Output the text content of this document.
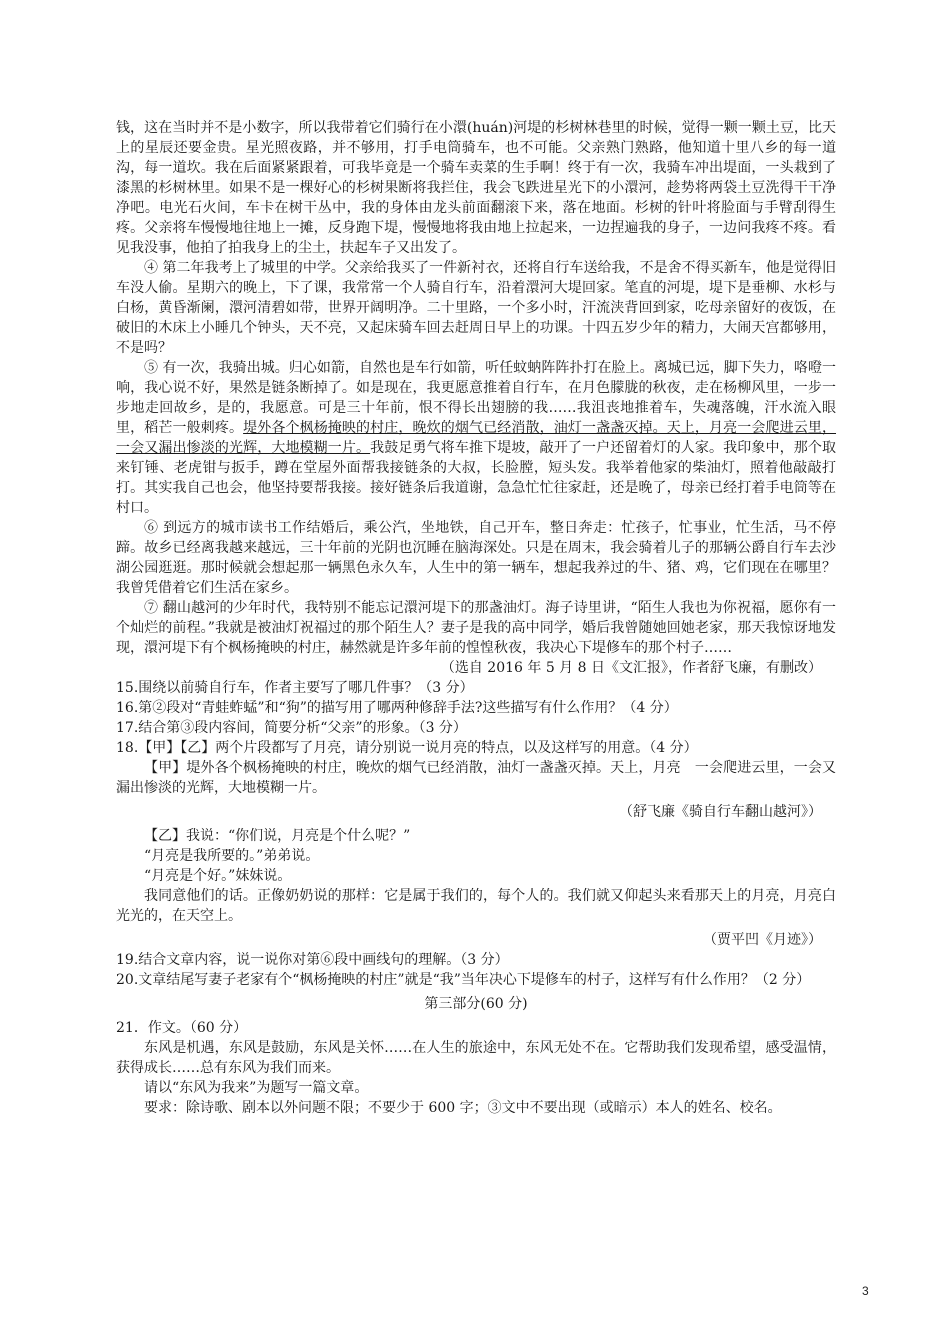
钱，这在当时并不是小数字，所以我带着它们骑行在小澴(huán)河堤的杉树林巷里的时候，觉得一颗一颗土豆，比天上的星辰还要金贵。星光照夜路，并不够用，打手电筒骑车，也不可能。父亲熟门熟路，他知道十里八乡的每一道沟，每一道坎。我在后面紧紧跟着，可我毕竟是一个骑车卖菜的生手啊！终于有一次，我骑车冲出堤面，一头栽到了漆黑的杉树林里。如果不是一棵好心的杉树果断将我拦住，我会飞跌进星光下的小澴河，趁势将两袋土豆洗得干干净净吧。电光石火间，车卡在树干丛中，我的身体由龙头前面翻滚下来，落在地面。杉树的针叶将脸面与手臂刮得生疼。父亲将车慢慢地往地上一摊，反身跑下堤，慢慢地将我由地上拉起来，一边捏遍我的身子，一边问我疼不疼。看见我没事，他拍了拍我身上的尘土，扶起车子又出发了。

④ 第二年我考上了城里的中学。父亲给我买了一件新衬衣，还将自行车送给我，不是舍不得买新车，他是觉得旧车没人偷。星期六的晚上，下了课，我常常一个人骑自行车，沿着澴河大堤回家。笔直的河堤，堤下是垂柳、水杉与白杨，黄昏渐阑，澴河清碧如带，世界开阔明净。二十里路，一个多小时，汗流浃背回到家，吃母亲留好的夜饭，在破旧的木床上小睡几个钟头，天不亮，又起床骑车回去赶周日早上的功课。十四五岁少年的精力，大闹天宫都够用，不是吗？

⑤ 有一次，我骑出城。归心如箭，自然也是车行如箭，听任蚊蚋阵阵扑打在脸上。离城已远，脚下失力，咯噔一响，我心说不好，果然是链条断掉了。如是现在，我更愿意推着自行车，在月色朦胧的秋夜，走在杨柳风里，一步一步地走回故乡，是的，我愿意。可是三十年前，恨不得长出翅膀的我……我沮丧地推着车，失魂落魄，汗水流入眼里，稻芒一般刺疼。堤外各个枫杨掩映的村庄，晚炊的烟气已经消散，油灯一盏盏灭掉。天上，月亮一会爬进云里，一会又漏出惨淡的光辉，大地模糊一片。我鼓足勇气将车推下堤坡，敲开了一户还留着灯的人家。我印象中，那个取来钉锤、老虎钳与扳手，蹲在堂屋外面帮我接链条的大叔，长脸膛，短头发。我举着他家的柴油灯，照着他敲敲打打。其实我自己也会，他坚持要帮我接。接好链条后我道谢，急急忙忙往家赶，还是晚了，母亲已经打着手电筒等在村口。

⑥ 到远方的城市读书工作结婚后，乘公汽，坐地铁，自己开车，整日奔走：忙孩子，忙事业，忙生活，马不停蹄。故乡已经离我越来越远，三十年前的光阴也沉睡在脑海深处。只是在周末，我会骑着儿子的那辆公爵自行车去沙湖公园逛逛。那时候就会想起那一辆黑色永久车，人生中的第一辆车，想起我养过的牛、猪、鸡，它们现在在哪里？我曾凭借着它们生活在家乡。

⑦ 翻山越河的少年时代，我特别不能忘记澴河堤下的那盏油灯。海子诗里讲，“陌生人我也为你祝福，愿你有一个灿烂的前程。”我就是被油灯祝福过的那个陌生人？妻子是我的高中同学，婚后我曾随她回她老家，那天我惊讶地发现，澴河堤下有个枫杨掩映的村庄，赫然就是许多年前的惶惶秋夜，我决心下堤修车的那个村子……

（选自 2016 年 5 月 8 日《文汇报》，作者舒飞廉，有删改）

15.围绕以前骑自行车，作者主要写了哪几件事？（3 分）

16.第②段对“青蛙蚱蜢”和“狗”的描写用了哪两种修辞手法?这些描写有什么作用？（4 分）

17.结合第③段内容间，简要分析“父亲”的形象。（3 分）

18.【甲】【乙】两个片段都写了月亮，请分别说一说月亮的特点，以及这样写的用意。（4 分）

【甲】堤外各个枫杨掩映的村庄，晚炊的烟气已经消散，油灯一盏盏灭掉。天上，月亮　一会爬进云里，一会又漏出惨淡的光辉，大地模糊一片。

（舒飞廉《骑自行车翻山越河》）

【乙】我说：“你们说，月亮是个什么呢？”

“月亮是我所要的。”弟弟说。

“月亮是个好。”妹妹说。

我同意他们的话。正像奶奶说的那样：它是属于我们的，每个人的。我们就又仰起头来看那天上的月亮，月亮白光光的，在天空上。

（贾平凹《月迹》）

19.结合文章内容，说一说你对第⑥段中画线句的理解。（3 分）

20.文章结尾写妻子老家有个“枫杨掩映的村庄”就是“我”当年决心下堤修车的村子，这样写有什么作用？（2 分）

第三部分(60 分)

21．作文。（60 分）

东风是机遇，东风是鼓励，东风是关怀……在人生的旅途中，东风无处不在。它帮助我们发现希望，感受温情，获得成长……总有东风为我们而来。

请以“东风为我来”为题写一篇文章。

要求：除诗歌、剧本以外问题不限；不要少于 600 字；③文中不要出现（或暗示）本人的姓名、校名。

3
